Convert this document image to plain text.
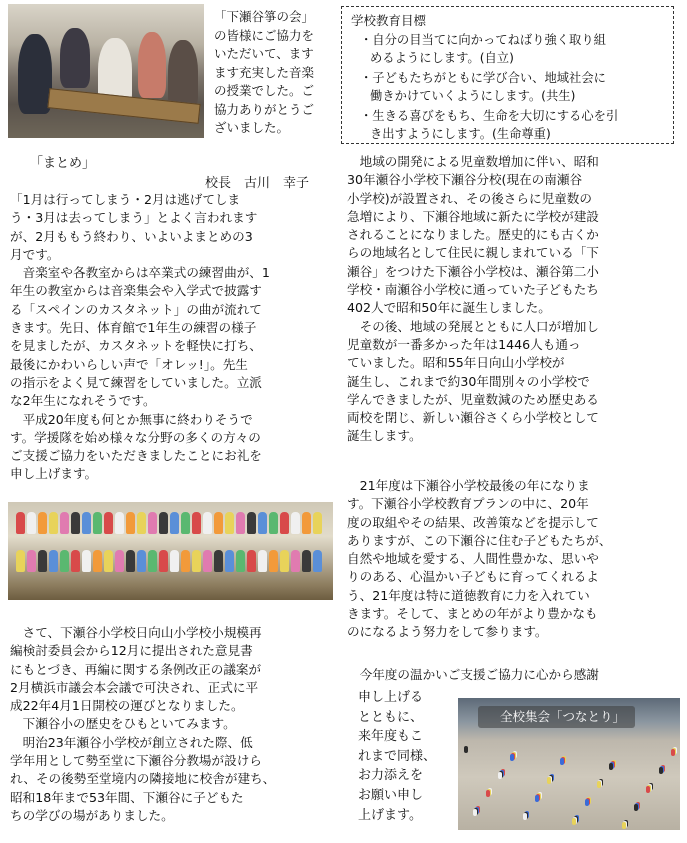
「下瀬谷箏の会」
の皆様にご協力を
いただいて、ます
ます充実した音楽
の授業でした。ご
協力ありがとうご
ざいました。
学校教育目標
・自分の目当てに向かってねばり強く取り組
めるようにします。(自立)
・子どもたちがともに学び合い、地域社会に
働きかけていくようにします。(共生)
・生きる喜びをもち、生命を大切にする心を引
き出すようにします。(生命尊重)
「まとめ」
校長　古川　幸子

「1月は行ってしまう・2月は逃げてしま

う・3月は去ってしまう」とよく言われます

が、2月ももう終わり、いよいよまとめの3

月です。

　音楽室や各教室からは卒業式の練習曲が、1

年生の教室からは音楽集会や入学式で披露す

る「スペインのカスタネット」の曲が流れて

きます。先日、体育館で1年生の練習の様子

を見ましたが、カスタネットを軽快に打ち、

最後にかわいらしい声で「オレッ!」。先生

の指示をよく見て練習をしていました。立派

な2年生になれそうです。

　平成20年度も何とか無事に終わりそうで

す。学援隊を始め様々な分野の多くの方々の

ご支援ご協力をいただきましたことにお礼を

申し上げます。

　さて、下瀬谷小学校日向山小学校小規模再

編検討委員会から12月に提出された意見書

にもとづき、再編に関する条例改正の議案が

2月横浜市議会本会議で可決され、正式に平

成22年4月1日開校の運びとなりました。

　下瀬谷小の歴史をひもといてみます。

　明治23年瀬谷小学校が創立された際、低

学年用として勢至堂に下瀬谷分教場が設けら

れ、その後勢至堂境内の隣接地に校舎が建ち、

昭和18年まで53年間、下瀬谷に子どもた

ちの学びの場がありました。

　地域の開発による児童数増加に伴い、昭和

30年瀬谷小学校下瀬谷分校(現在の南瀬谷

小学校)が設置され、その後さらに児童数の

急増により、下瀬谷地域に新たに学校が建設

されることになりました。歴史的にも古くか

らの地域名として住民に親しまれている「下

瀬谷」をつけた下瀬谷小学校は、瀬谷第二小

学校・南瀬谷小学校に通っていた子どもたち

402人で昭和50年に誕生しました。

　その後、地域の発展とともに人口が増加し

児童数が一番多かった年は1446人も通っ

ていました。昭和55年日向山小学校が

誕生し、これまで約30年間別々の小学校で

学んできましたが、児童数減のため歴史ある

両校を閉じ、新しい瀬谷さくら小学校として

誕生します。

　21年度は下瀬谷小学校最後の年になりま

す。下瀬谷小学校教育プランの中に、20年

度の取組やその結果、改善策などを提示して

ありますが、この下瀬谷に住む子どもたちが、

自然や地域を愛する、人間性豊かな、思いや

りのある、心温かい子どもに育ってくれるよ

う、21年度は特に道徳教育に力を入れてい

きます。そして、まとめの年がより豊かなも

のになるよう努力をして参ります。

　今年度の温かいご支援ご協力に心から感謝
申し上げる
とともに、
来年度もこ
れまで同様、
お力添えを
お願い申し
上げます。
全校集会「つなとり」
